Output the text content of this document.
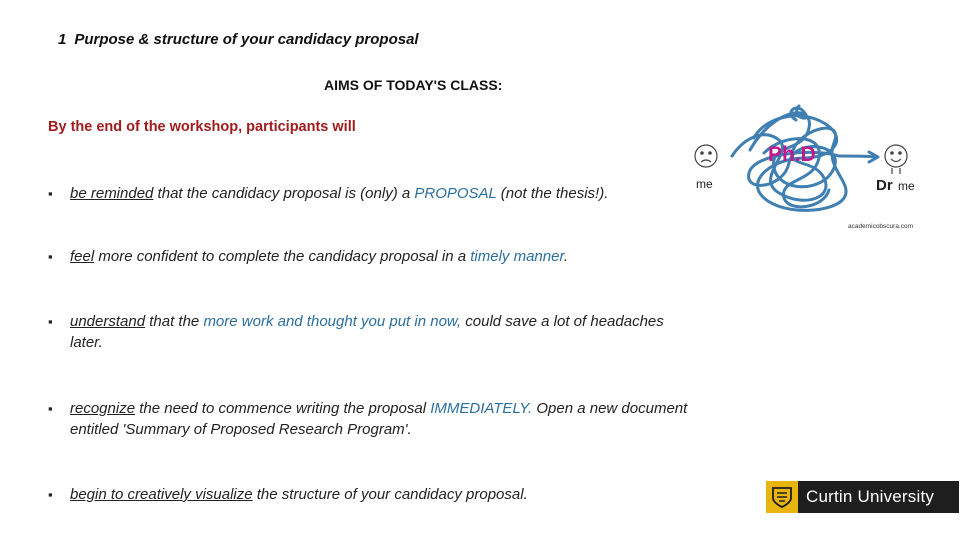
1 Purpose & structure of your candidacy proposal
AIMS OF TODAY'S CLASS:
By the end of the workshop, participants will
▪ be reminded that the candidacy proposal is (only) a PROPOSAL (not the thesis!).
▪ feel more confident to complete the candidacy proposal in a timely manner.
▪ understand that the more work and thought you put in now, could save a lot of headaches later.
▪ recognize the need to commence writing the proposal IMMEDIATELY. Open a new document entitled 'Summary of Proposed Research Program'.
▪ begin to creatively visualize the structure of your candidacy proposal.
me
Ph.D
Dr me
academicobscura.com
Curtin University
